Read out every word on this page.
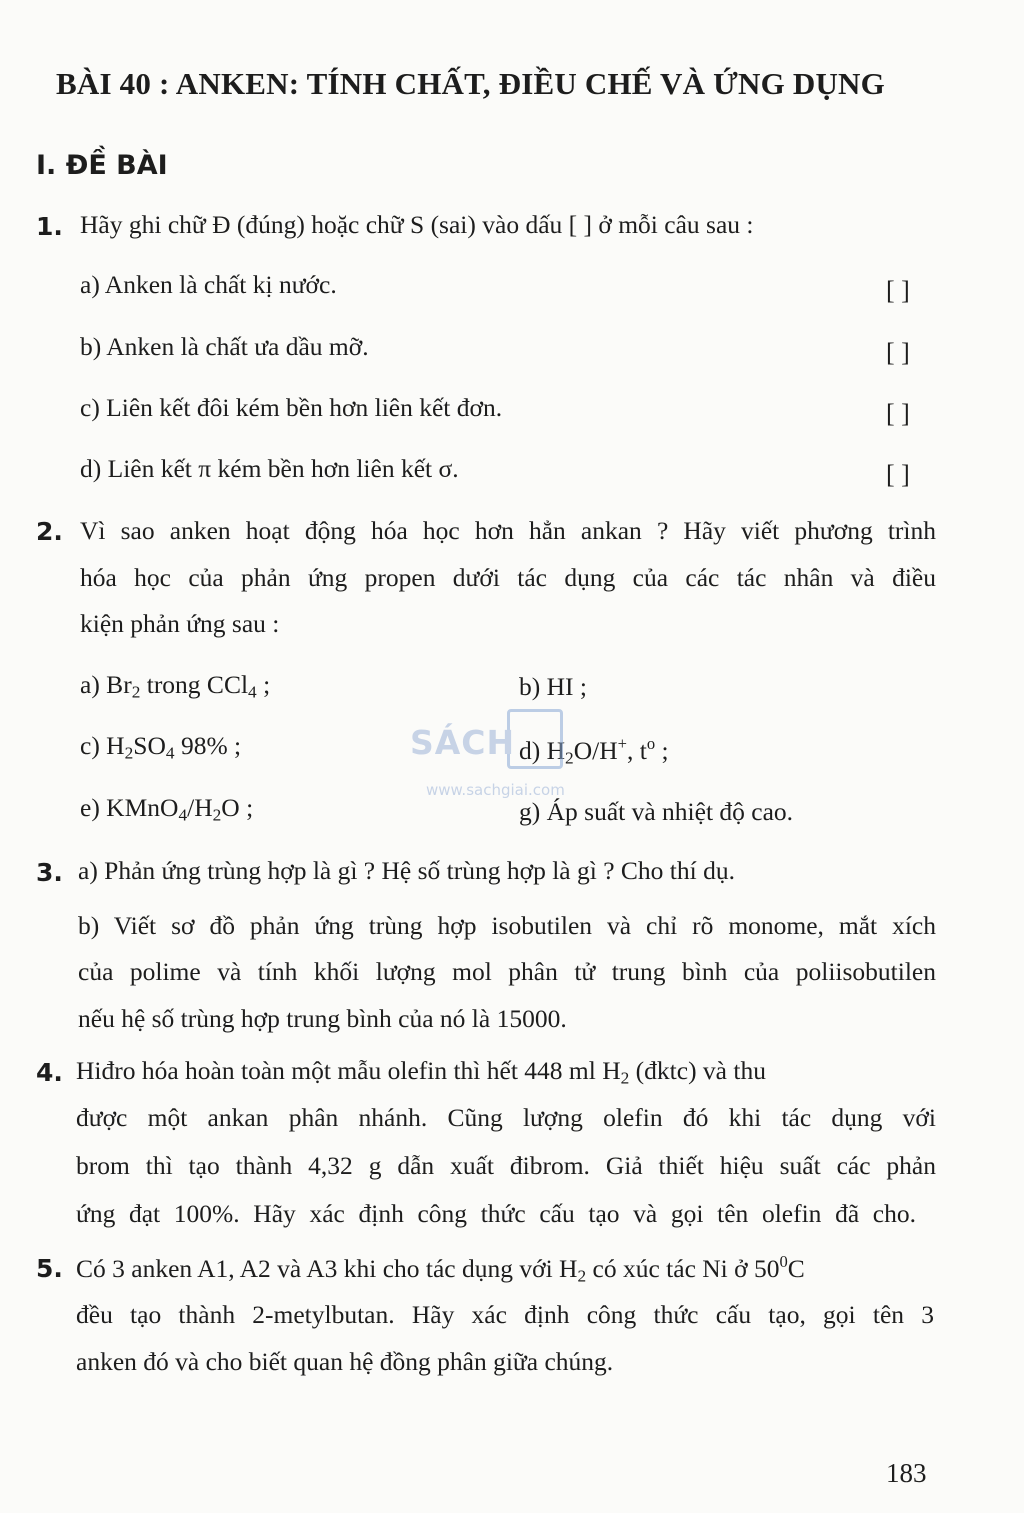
BÀI 40 : ANKEN: TÍNH CHẤT, ĐIỀU CHẾ VÀ ỨNG DỤNG
I. ĐỀ BÀI
1. Hãy ghi chữ Đ (đúng) hoặc chữ S (sai) vào dấu [ ] ở mỗi câu sau :
a) Anken là chất kị nước.	[ ]
b) Anken là chất ưa dầu mỡ.	[ ]
c) Liên kết đôi kém bền hơn liên kết đơn.	[ ]
d) Liên kết π kém bền hơn liên kết σ.	[ ]
2. Vì sao anken hoạt động hóa học hơn hẳn ankan ? Hãy viết phương trình
hóa học của phản ứng propen dưới tác dụng của các tác nhân và điều
kiện phản ứng sau :
a) $Br_2$ trong CCl$_4$ ;	b) HI ;
c) $H_2SO_4$ 98% ;	d) $H_2O/H^+$, $t^o$ ;
e) $KMnO_4/H_2O$ ;	g) Áp suất và nhiệt độ cao.
3. a) Phản ứng trùng hợp là gì ? Hệ số trùng hợp là gì ? Cho thí dụ.
b) Viết sơ đồ phản ứng trùng hợp isobutilen và chỉ rõ monome, mắt xích
của polime và tính khối lượng mol phân tử trung bình của poliisobutilen
nếu hệ số trùng hợp trung bình của nó là 15000.
4. Hiđro hóa hoàn toàn một mẫu olefin thì hết 448 ml $H_2$ (đktc) và thu
được một ankan phân nhánh. Cũng lượng olefin đó khi tác dụng với
brom thì tạo thành 4,32 g dẫn xuất đibrom. Giả thiết hiệu suất các phản
ứng đạt 100%. Hãy xác định công thức cấu tạo và gọi tên olefin đã cho.
5. Có 3 anken A1, A2 và A3 khi cho tác dụng với $H_2$ có xúc tác Ni ở $50^0C$
đều tạo thành 2-metylbutan. Hãy xác định công thức cấu tạo, gọi tên 3
anken đó và cho biết quan hệ đồng phân giữa chúng.
SÁCH
www.sachgiai.com
183
